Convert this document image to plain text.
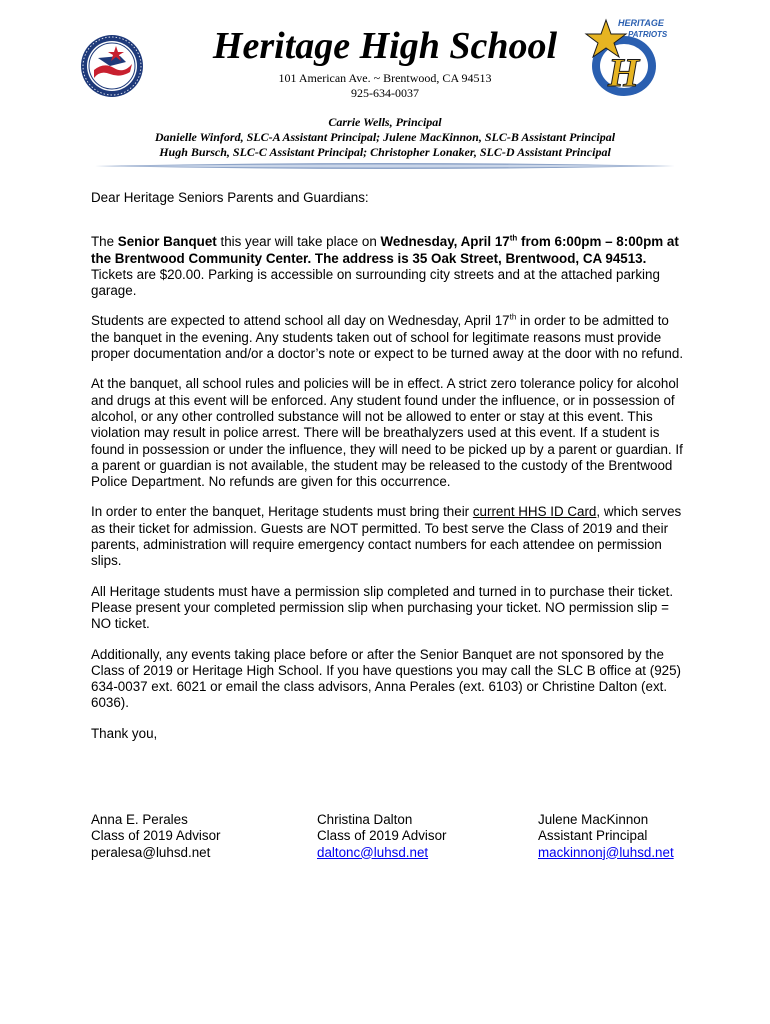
Heritage High School
HERITAGE
PATRIOTS
H
101 American Ave. ~ Brentwood, CA 94513
925-634-0037
Carrie Wells, Principal
Danielle Winford, SLC-A Assistant Principal; Julene MacKinnon, SLC-B Assistant Principal
Hugh Bursch, SLC-C Assistant Principal; Christopher Lonaker, SLC-D Assistant Principal

Dear Heritage Seniors Parents and Guardians:

The Senior Banquet this year will take place on Wednesday, April 17th from 6:00pm – 8:00pm at the Brentwood Community Center. The address is 35 Oak Street, Brentwood, CA 94513. Tickets are $20.00. Parking is accessible on surrounding city streets and at the attached parking garage.

Students are expected to attend school all day on Wednesday, April 17th in order to be admitted to the banquet in the evening. Any students taken out of school for legitimate reasons must provide proper documentation and/or a doctor’s note or expect to be turned away at the door with no refund.

At the banquet, all school rules and policies will be in effect. A strict zero tolerance policy for alcohol and drugs at this event will be enforced. Any student found under the influence, or in possession of alcohol, or any other controlled substance will not be allowed to enter or stay at this event. This violation may result in police arrest. There will be breathalyzers used at this event. If a student is found in possession or under the influence, they will need to be picked up by a parent or guardian. If a parent or guardian is not available, the student may be released to the custody of the Brentwood Police Department. No refunds are given for this occurrence.

In order to enter the banquet, Heritage students must bring their current HHS ID Card, which serves as their ticket for admission. Guests are NOT permitted. To best serve the Class of 2019 and their parents, administration will require emergency contact numbers for each attendee on permission slips.

All Heritage students must have a permission slip completed and turned in to purchase their ticket. Please present your completed permission slip when purchasing your ticket. NO permission slip = NO ticket.

Additionally, any events taking place before or after the Senior Banquet are not sponsored by the Class of 2019 or Heritage High School. If you have questions you may call the SLC B office at (925) 634-0037 ext. 6021 or email the class advisors, Anna Perales (ext. 6103) or Christine Dalton (ext. 6036).

Thank you,

Anna E. Perales
Class of 2019 Advisor
peralesa@luhsd.net
Christina Dalton
Class of 2019 Advisor
daltonc@luhsd.net
Julene MacKinnon
Assistant Principal
mackinnonj@luhsd.net
